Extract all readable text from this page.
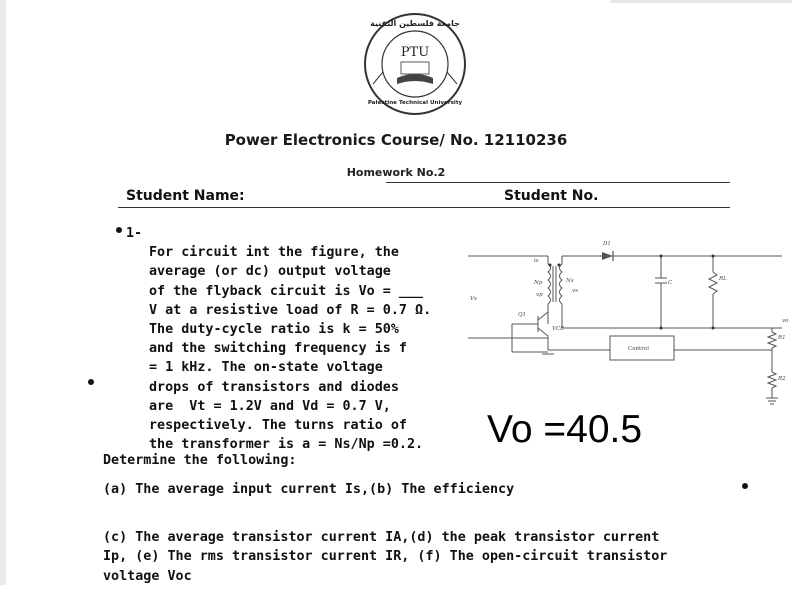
جامعة فلسطين التقنية
PTU
Palestine Technical University
Power Electronics Course/ No. 12110236
Homework No.2
Student Name:	Student No.
1-

For circuit int the figure, the
average (or dc) output voltage
of the flyback circuit is Vo = ___
V at a resistive load of R = 0.7 Ω.
The duty-cycle ratio is k = 50%
and the switching frequency is f
= 1 kHz. The on-state voltage
drops of transistors and diodes
are  Vt = 1.2V and Vd = 0.7 V,
respectively. The turns ratio of
the transformer is a = Ns/Np =0.2. Vo =40.5
D1
C
RL
Vs
Q1
Np	Ns
Control
R1
R2
vo
VCE
is
vp
vs
Determine the following:
(a) The average input current Is,(b) The efficiency

(c) The average transistor current IA,(d) the peak transistor current
Ip, (e) The rms transistor current IR, (f) The open-circuit transistor
voltage Voc
